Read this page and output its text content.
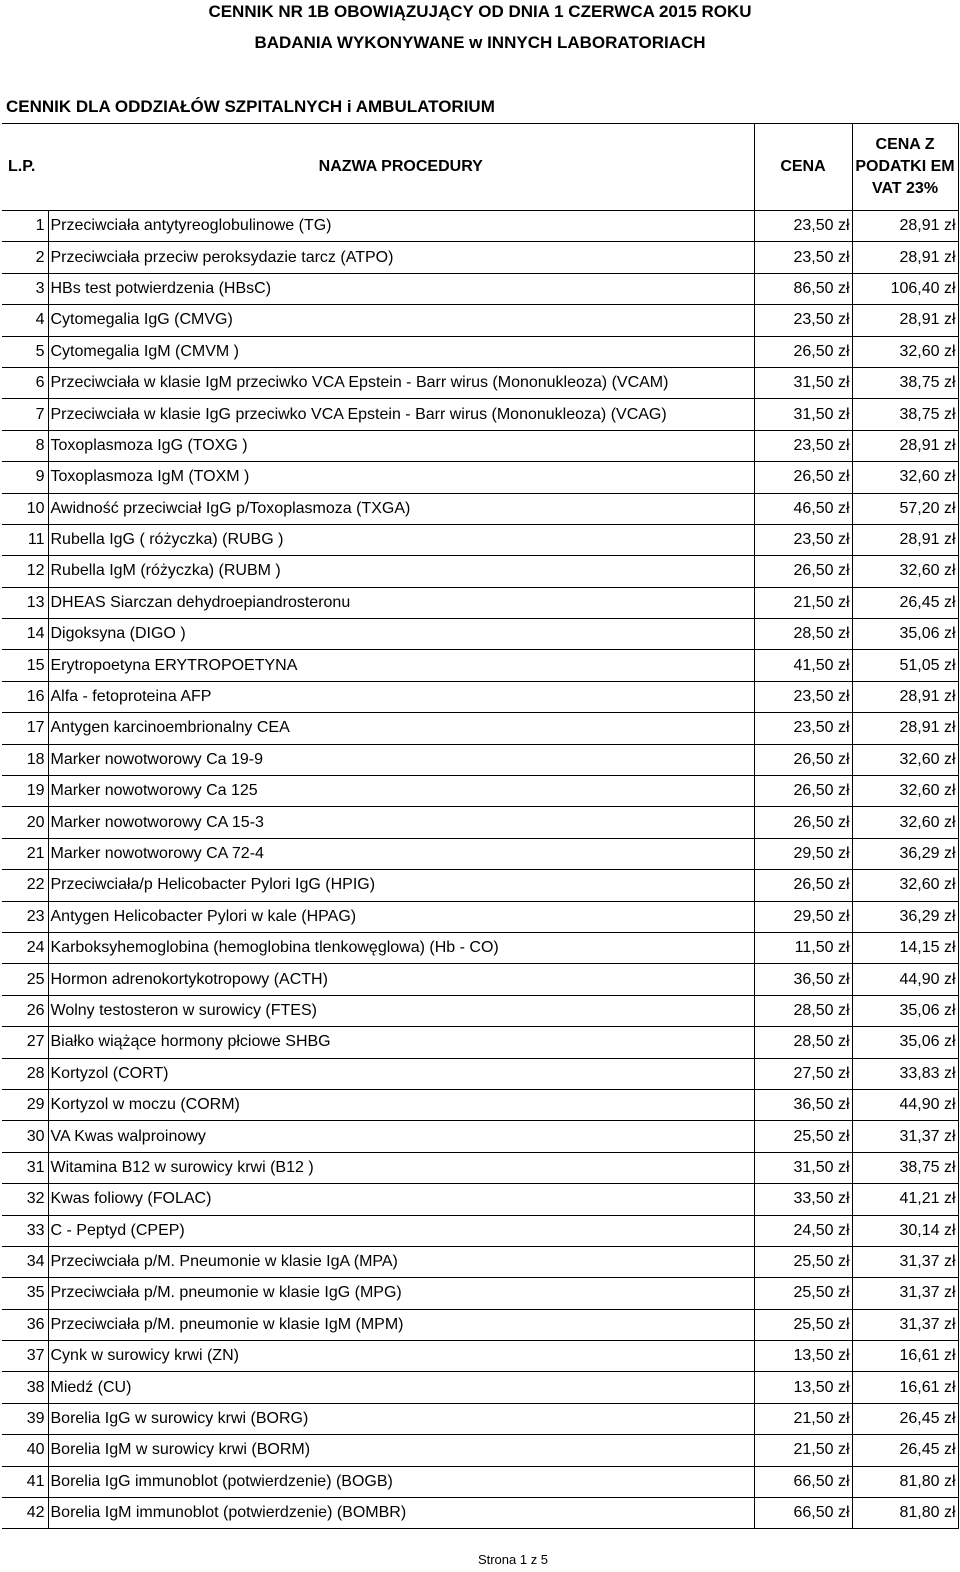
CENNIK NR 1B OBOWIĄZUJĄCY OD DNIA 1 CZERWCA 2015 ROKU
BADANIA WYKONYWANE w INNYCH LABORATORIACH
CENNIK DLA ODDZIAŁÓW SZPITALNYCH i AMBULATORIUM
L.P.	NAZWA PROCEDURY	CENA	CENA Z PODATKI EM VAT 23%
1	Przeciwciała antytyreoglobulinowe (TG)	23,50 zł	28,91 zł
2	Przeciwciała przeciw peroksydazie tarcz (ATPO)	23,50 zł	28,91 zł
3	HBs test potwierdzenia (HBsC)	86,50 zł	106,40 zł
4	Cytomegalia IgG (CMVG)	23,50 zł	28,91 zł
5	Cytomegalia IgM (CMVM )	26,50 zł	32,60 zł
6	Przeciwciała w klasie IgM przeciwko VCA Epstein - Barr wirus (Mononukleoza) (VCAM)	31,50 zł	38,75 zł
7	Przeciwciała w klasie IgG przeciwko VCA Epstein - Barr wirus (Mononukleoza) (VCAG)	31,50 zł	38,75 zł
8	Toxoplasmoza IgG (TOXG )	23,50 zł	28,91 zł
9	Toxoplasmoza IgM (TOXM )	26,50 zł	32,60 zł
10	Awidność przeciwciał IgG p/Toxoplasmoza (TXGA)	46,50 zł	57,20 zł
11	Rubella IgG ( różyczka) (RUBG )	23,50 zł	28,91 zł
12	Rubella IgM (różyczka) (RUBM )	26,50 zł	32,60 zł
13	DHEAS Siarczan dehydroepiandrosteronu	21,50 zł	26,45 zł
14	Digoksyna (DIGO )	28,50 zł	35,06 zł
15	Erytropoetyna ERYTROPOETYNA	41,50 zł	51,05 zł
16	Alfa - fetoproteina AFP	23,50 zł	28,91 zł
17	Antygen karcinoembrionalny CEA	23,50 zł	28,91 zł
18	Marker nowotworowy Ca 19-9	26,50 zł	32,60 zł
19	Marker nowotworowy Ca 125	26,50 zł	32,60 zł
20	Marker nowotworowy CA 15-3	26,50 zł	32,60 zł
21	Marker nowotworowy CA 72-4	29,50 zł	36,29 zł
22	Przeciwciała/p Helicobacter Pylori IgG (HPIG)	26,50 zł	32,60 zł
23	Antygen Helicobacter Pylori w kale (HPAG)	29,50 zł	36,29 zł
24	Karboksyhemoglobina (hemoglobina tlenkowęglowa) (Hb - CO)	11,50 zł	14,15 zł
25	Hormon adrenokortykotropowy (ACTH)	36,50 zł	44,90 zł
26	Wolny testosteron w surowicy (FTES)	28,50 zł	35,06 zł
27	Białko wiążące hormony płciowe SHBG	28,50 zł	35,06 zł
28	Kortyzol (CORT)	27,50 zł	33,83 zł
29	Kortyzol w moczu (CORM)	36,50 zł	44,90 zł
30	VA Kwas walproinowy	25,50 zł	31,37 zł
31	Witamina B12 w surowicy krwi (B12 )	31,50 zł	38,75 zł
32	Kwas foliowy (FOLAC)	33,50 zł	41,21 zł
33	C - Peptyd (CPEP)	24,50 zł	30,14 zł
34	Przeciwciała p/M. Pneumonie w klasie IgA (MPA)	25,50 zł	31,37 zł
35	Przeciwciała p/M. pneumonie w klasie IgG (MPG)	25,50 zł	31,37 zł
36	Przeciwciała p/M. pneumonie w klasie IgM (MPM)	25,50 zł	31,37 zł
37	Cynk w surowicy krwi (ZN)	13,50 zł	16,61 zł
38	Miedź (CU)	13,50 zł	16,61 zł
39	Borelia IgG w surowicy krwi (BORG)	21,50 zł	26,45 zł
40	Borelia IgM w surowicy krwi (BORM)	21,50 zł	26,45 zł
41	Borelia IgG immunoblot (potwierdzenie) (BOGB)	66,50 zł	81,80 zł
42	Borelia IgM immunoblot (potwierdzenie) (BOMBR)	66,50 zł	81,80 zł
Strona 1 z 5
